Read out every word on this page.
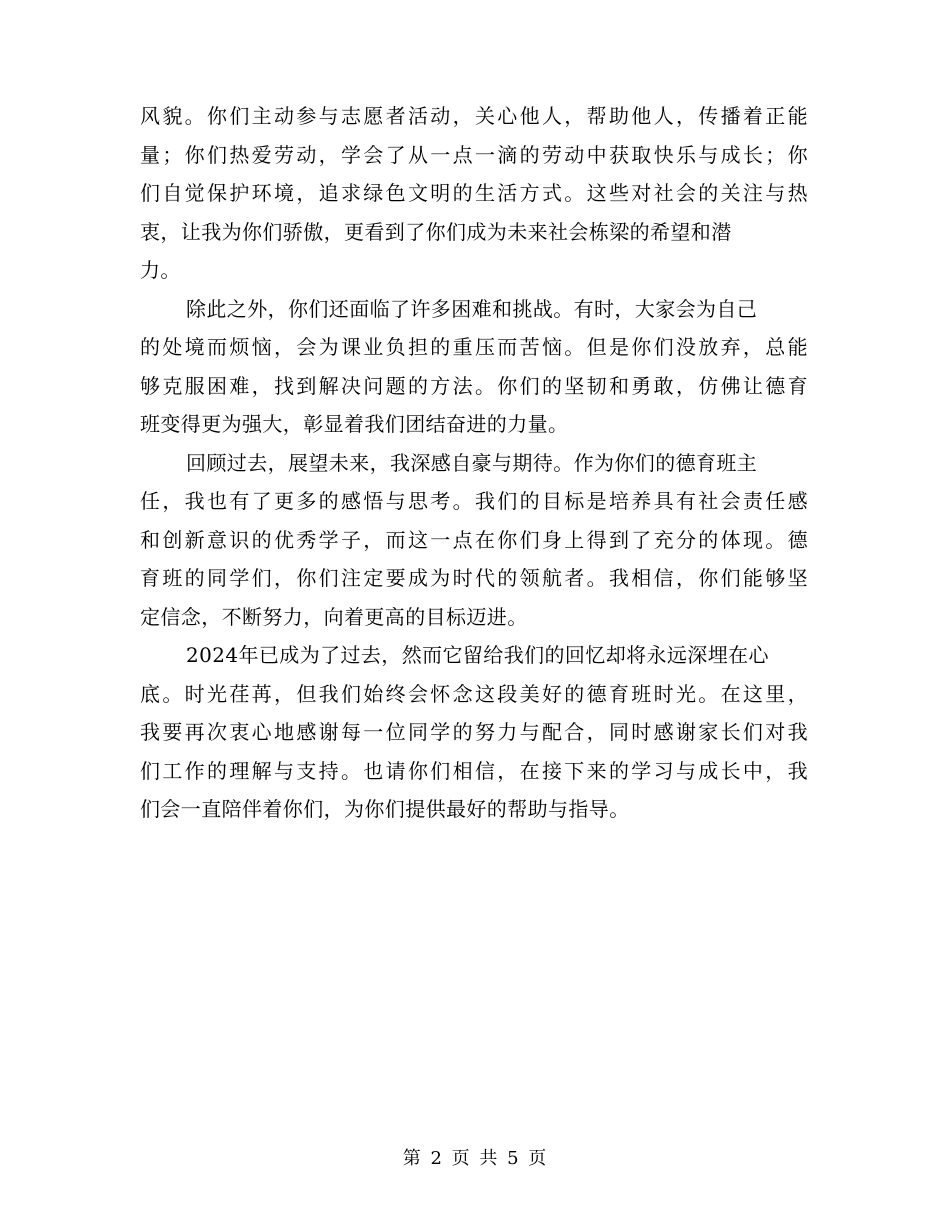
风貌。你们主动参与志愿者活动，关心他人，帮助他人，传播着正能
量；你们热爱劳动，学会了从一点一滴的劳动中获取快乐与成长；你
们自觉保护环境，追求绿色文明的生活方式。这些对社会的关注与热
衷，让我为你们骄傲，更看到了你们成为未来社会栋梁的希望和潜
力。
除此之外，你们还面临了许多困难和挑战。有时，大家会为自己
的处境而烦恼，会为课业负担的重压而苦恼。但是你们没放弃，总能
够克服困难，找到解决问题的方法。你们的坚韧和勇敢，仿佛让德育
班变得更为强大，彰显着我们团结奋进的力量。
回顾过去，展望未来，我深感自豪与期待。作为你们的德育班主
任，我也有了更多的感悟与思考。我们的目标是培养具有社会责任感
和创新意识的优秀学子，而这一点在你们身上得到了充分的体现。德
育班的同学们，你们注定要成为时代的领航者。我相信，你们能够坚
定信念，不断努力，向着更高的目标迈进。
2024年已成为了过去，然而它留给我们的回忆却将永远深埋在心
底。时光荏苒，但我们始终会怀念这段美好的德育班时光。在这里，
我要再次衷心地感谢每一位同学的努力与配合，同时感谢家长们对我
们工作的理解与支持。也请你们相信，在接下来的学习与成长中，我
们会一直陪伴着你们，为你们提供最好的帮助与指导。
第 2 页 共 5 页
